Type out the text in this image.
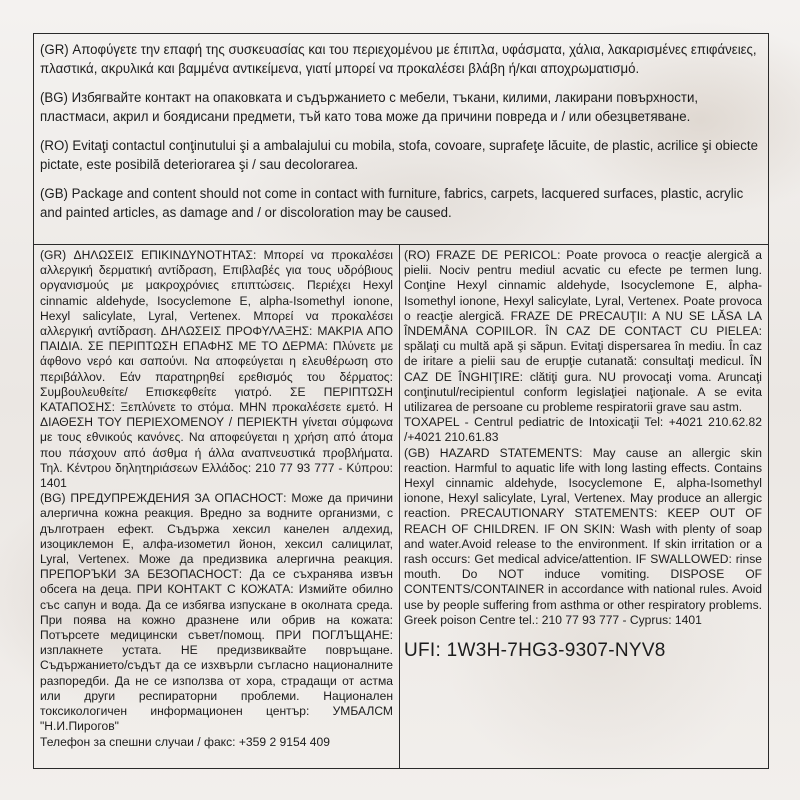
(GR) Αποφύγετε την επαφή της συσκευασίας και του περιεχομένου με έπιπλα, υφάσματα, χάλια, λακαρισμένες επιφάνειες, πλαστικά, ακρυλικά και βαμμένα αντικείμενα, γιατί μπορεί να προκαλέσει βλάβη ή/και αποχρωματισμό.

(BG) Избягвайте контакт на опаковката и съдържанието с мебели, тъкани, килими, лакирани повърхности, пластмаси, акрил и боядисани предмети, тъй като това може да причини повреда и / или обезцветяване.

(RO) Evitaţi contactul conţinutului şi a ambalajului cu mobila, stofa, covoare, suprafeţe lăcuite, de plastic, acrilice şi obiecte pictate, este posibilă deteriorarea şi / sau decolorarea.

(GB) Package and content should not come in contact with furniture, fabrics, carpets, lacquered surfaces, plastic, acrylic and painted articles, as damage and / or discoloration may be caused.

(GR) ΔΗΛΩΣΕΙΣ ΕΠΙΚΙΝΔΥΝΟΤΗΤΑΣ: Μπορεί να προκαλέσει αλλεργική δερματική αντίδραση, Επιβλαβές για τους υδρόβιους οργανισμούς με μακροχρόνιες επιπτώσεις. Περιέχει Hexyl cinnamic aldehyde, Isocyclemone E, alpha-Isomethyl ionone, Hexyl salicylate, Lyral, Vertenex. Μπορεί να προκαλέσει αλλεργική αντίδραση. ΔΗΛΩΣΕΙΣ ΠΡΟΦΥΛΑΞΗΣ: ΜΑΚΡΙΑ ΑΠΟ ΠΑΙΔΙΑ. ΣΕ ΠΕΡΙΠΤΩΣΗ ΕΠΑΦΗΣ ΜΕ ΤΟ ΔΕΡΜΑ: Πλύνετε με άφθονο νερό και σαπούνι. Να αποφεύγεται η ελευθέρωση στο περιβάλλον. Εάν παρατηρηθεί ερεθισμός του δέρματος: Συμβουλευθείτε/ Επισκεφθείτε γιατρό. ΣΕ ΠΕΡΙΠΤΩΣΗ ΚΑΤΑΠΟΣΗΣ: Ξεπλύνετε το στόμα. ΜΗΝ προκαλέσετε εμετό. Η ΔΙΑΘΕΣΗ ΤΟΥ ΠΕΡΙΕΧΟΜΕΝΟΥ / ΠΕΡΙΕΚΤΗ γίνεται σύμφωνα με τους εθνικούς κανόνες. Να αποφεύγεται η χρήση από άτομα που πάσχουν από άσθμα ή άλλα αναπνευστικά προβλήματα. Τηλ. Κέντρου δηλητηριάσεων Ελλάδος: 210 77 93 777 - Κύπρου: 1401

(BG) ПРЕДУПРЕЖДЕНИЯ ЗА ОПАСНОСТ: Може да причини алергична кожна реакция. Вредно за водните организми, с дълготраен ефект. Съдържа хексил канелен алдехид, изоциклемон Е, алфа-изометил йонон, хексил салицилат, Lyral, Vertenex. Може да предизвика алергична реакция. ПРЕПОРЪКИ ЗА БЕЗОПАСНОСТ: Да се съхранява извън обсега на деца. ПРИ КОНТАКТ С КОЖАТА: Измийте обилно със сапун и вода. Да се избягва изпускане в околната среда. При поява на кожно дразнене или обрив на кожата: Потърсете медицински съвет/помощ. ПРИ ПОГЛЪЩАНЕ: изплакнете устата. НЕ предизвиквайте повръщане. Съдържанието/съдът да се изхвърли съгласно националните разпоредби. Да не се използва от хора, страдащи от астма или други респираторни проблеми. Национален токсикологичен информационен център: УМБАЛСМ "Н.И.Пирогов"

Телефон за спешни случаи / факс: +359 2 9154 409

(RO) FRAZE DE PERICOL: Poate provoca o reacţie alergică a pielii. Nociv pentru mediul acvatic cu efecte pe termen lung. Conţine Hexyl cinnamic aldehyde, Isocyclemone E, alpha-Isomethyl ionone, Hexyl salicylate, Lyral, Vertenex. Poate provoca o reacţie alergică. FRAZE DE PRECAUŢII: A NU SE LĂSA LA ÎNDEMÂNA COPIILOR. ÎN CAZ DE CONTACT CU PIELEA: spălaţi cu multă apă şi săpun. Evitaţi dispersarea în mediu. În caz de iritare a pielii sau de erupţie cutanată: consultaţi medicul. ÎN CAZ DE ÎNGHIŢIRE: clătiţi gura. NU provocaţi voma. Aruncaţi conţinutul/recipientul conform legislaţiei naţionale. A se evita utilizarea de persoane cu probleme respiratorii grave sau astm.

TOXAPEL - Centrul pediatric de Intoxicaţii Tel: +4021 210.62.82 /+4021 210.61.83

(GB) HAZARD STATEMENTS: May cause an allergic skin reaction. Harmful to aquatic life with long lasting effects. Contains Hexyl cinnamic aldehyde, Isocyclemone E, alpha-Isomethyl ionone, Hexyl salicylate, Lyral, Vertenex. May produce an allergic reaction. PRECAUTIONARY STATEMENTS: KEEP OUT OF REACH OF CHILDREN. IF ON SKIN: Wash with plenty of soap and water.Avoid release to the environment. If skin irritation or a rash occurs: Get medical advice/attention. IF SWALLOWED: rinse mouth. Do NOT induce vomiting. DISPOSE OF CONTENTS/CONTAINER in accordance with national rules. Avoid use by people suffering from asthma or other respiratory problems. Greek poison Centre tel.: 210 77 93 777 - Cyprus: 1401

UFI: 1W3H-7HG3-9307-NYV8
